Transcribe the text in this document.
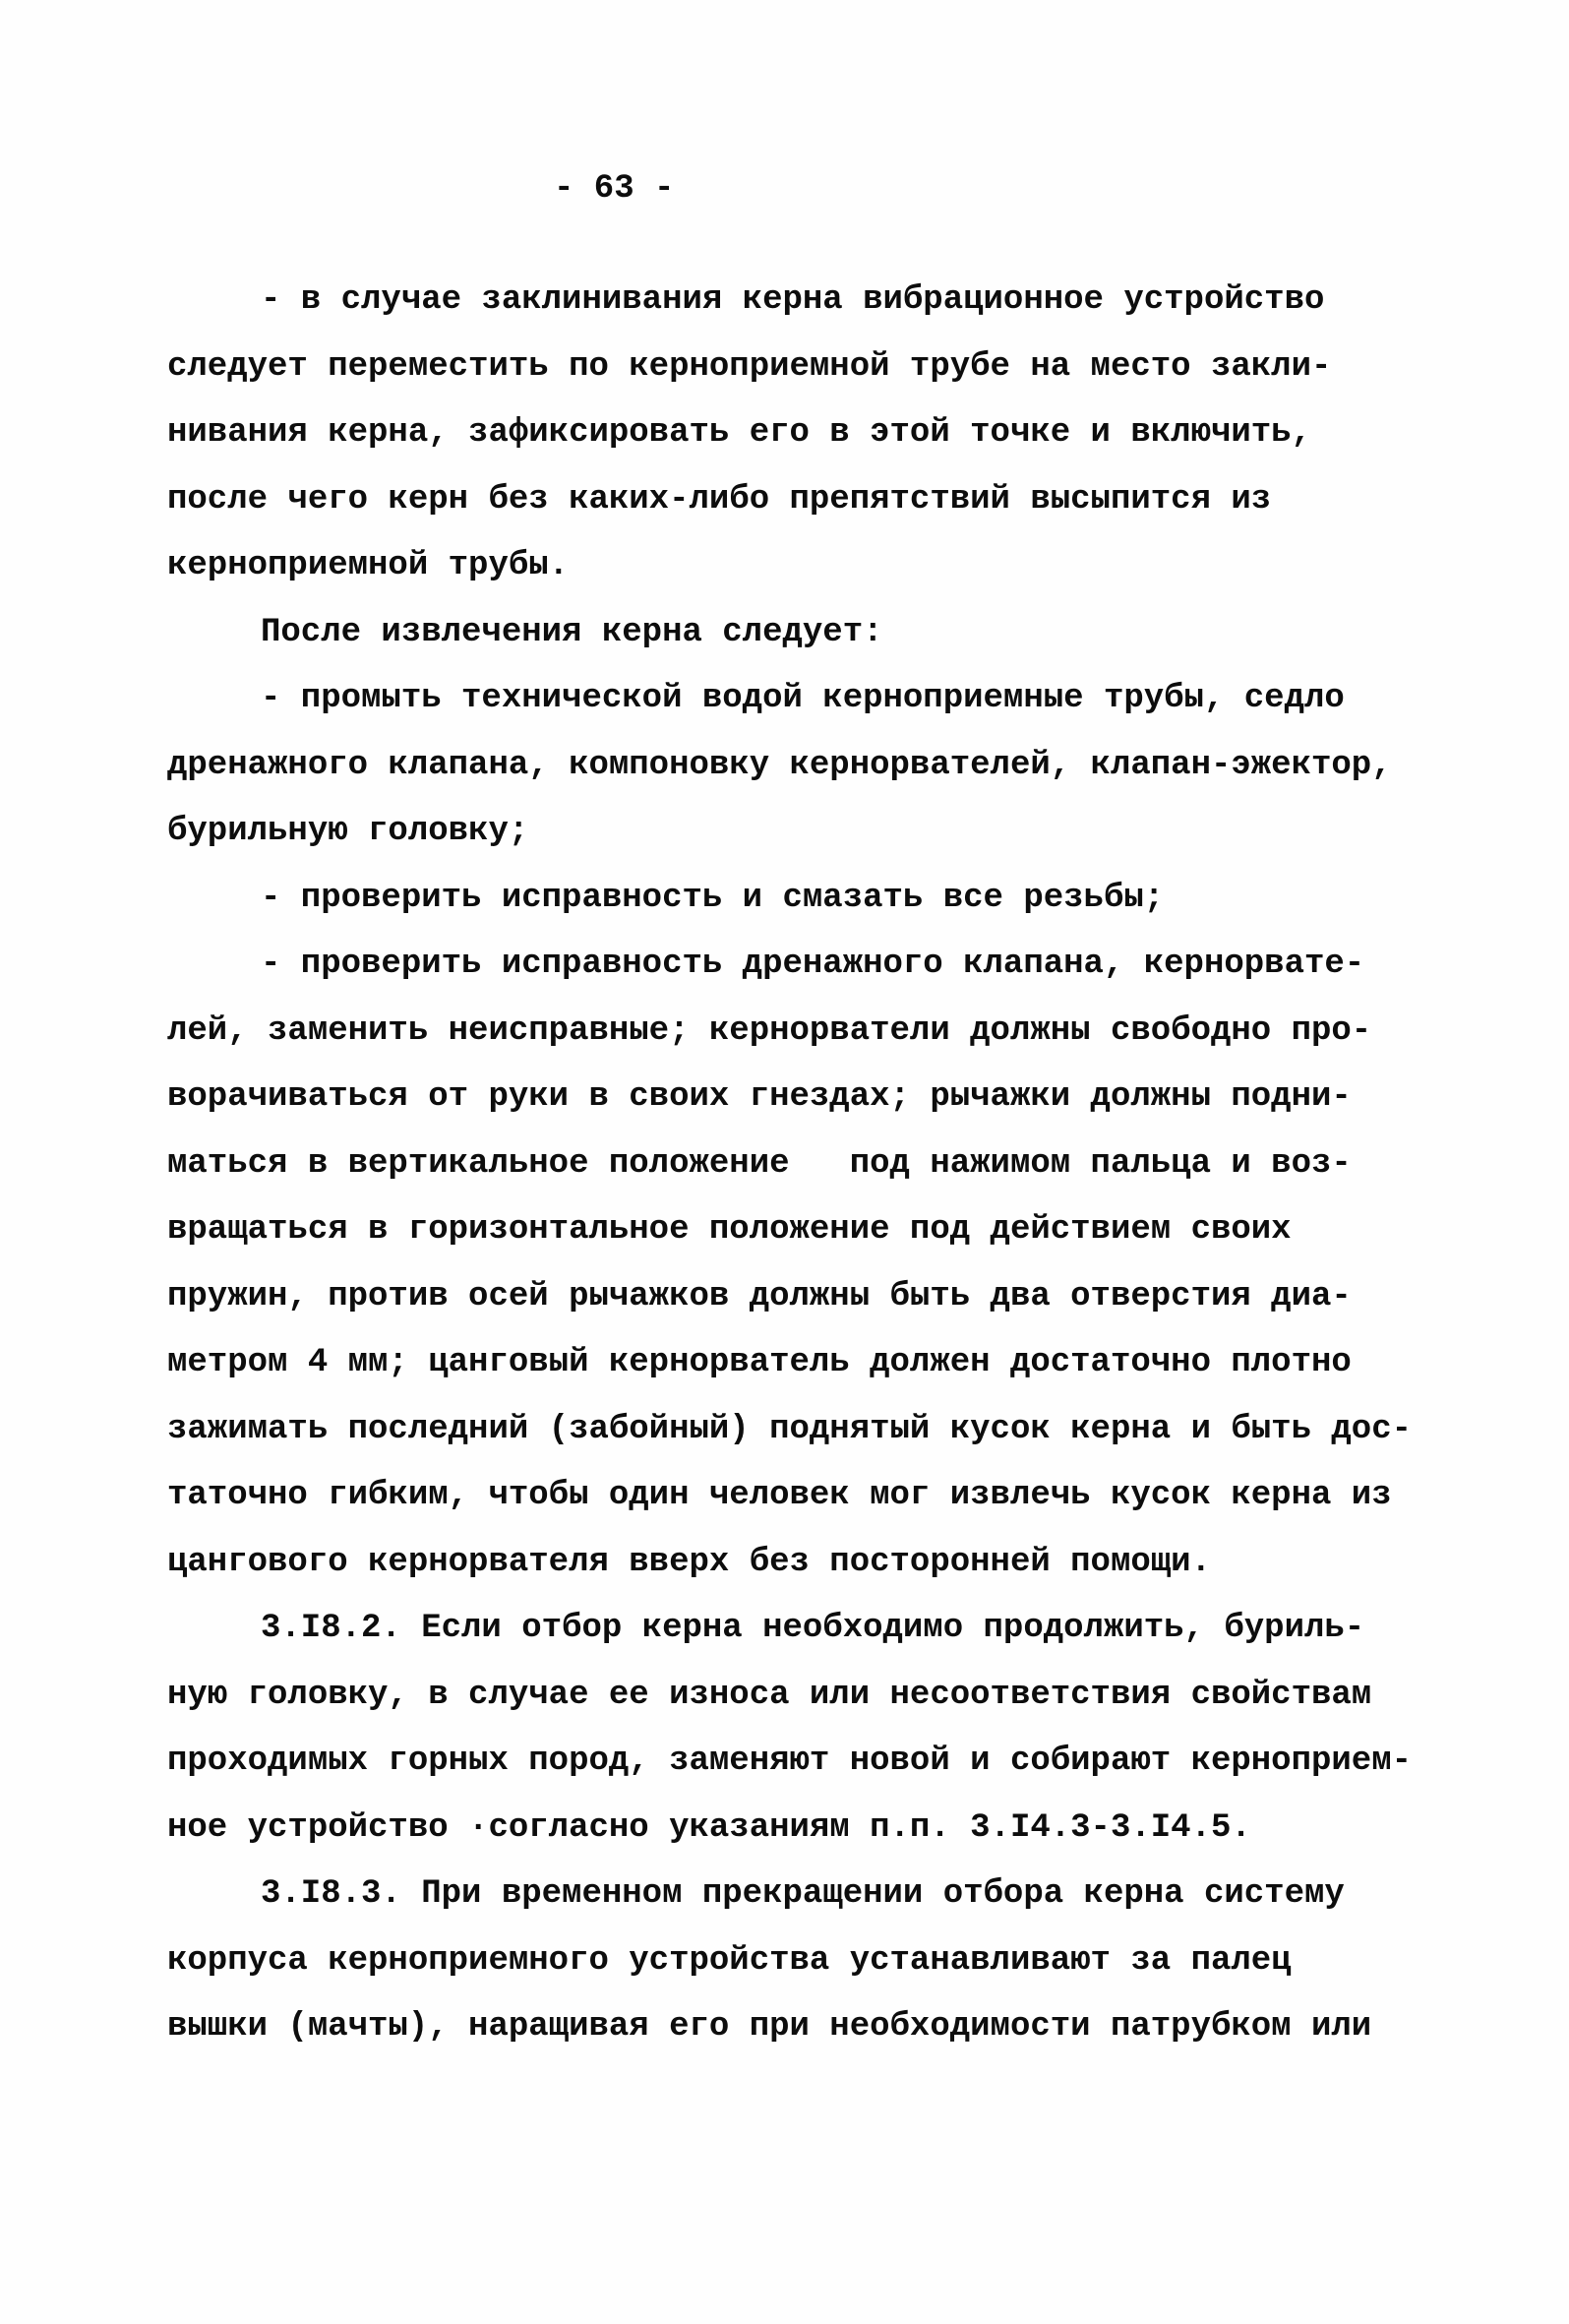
- 63 -
- в случае заклинивания керна вибрационное устройство
следует переместить по керноприемной трубе на место закли-
нивания керна, зафиксировать его в этой точке и включить,
после чего керн без каких-либо препятствий высыпится из
керноприемной трубы.
После извлечения керна следует:
- промыть технической водой керноприемные трубы, седло
дренажного клапана, компоновку кернорвателей, клапан-эжектор,
бурильную головку;
- проверить исправность и смазать все резьбы;
- проверить исправность дренажного клапана, кернорвате-
лей, заменить неисправные; кернорватели должны свободно про-
ворачиваться от руки в своих гнездах; рычажки должны подни-
маться в вертикальное положение   под нажимом пальца и воз-
вращаться в горизонтальное положение под действием своих
пружин, против осей рычажков должны быть два отверстия диа-
метром 4 мм; цанговый кернорватель должен достаточно плотно
зажимать последний (забойный) поднятый кусок керна и быть дос-
таточно гибким, чтобы один человек мог извлечь кусок керна из
цангового кернорвателя вверх без посторонней помощи.
3.I8.2. Если отбор керна необходимо продолжить, буриль-
ную головку, в случае ее износа или несоответствия свойствам
проходимых горных пород, заменяют новой и собирают керноприем-
ное устройство ·согласно указаниям п.п. 3.I4.3-3.I4.5.
3.I8.3. При временном прекращении отбора керна систему
корпуса керноприемного устройства устанавливают за палец
вышки (мачты), наращивая его при необходимости патрубком или
